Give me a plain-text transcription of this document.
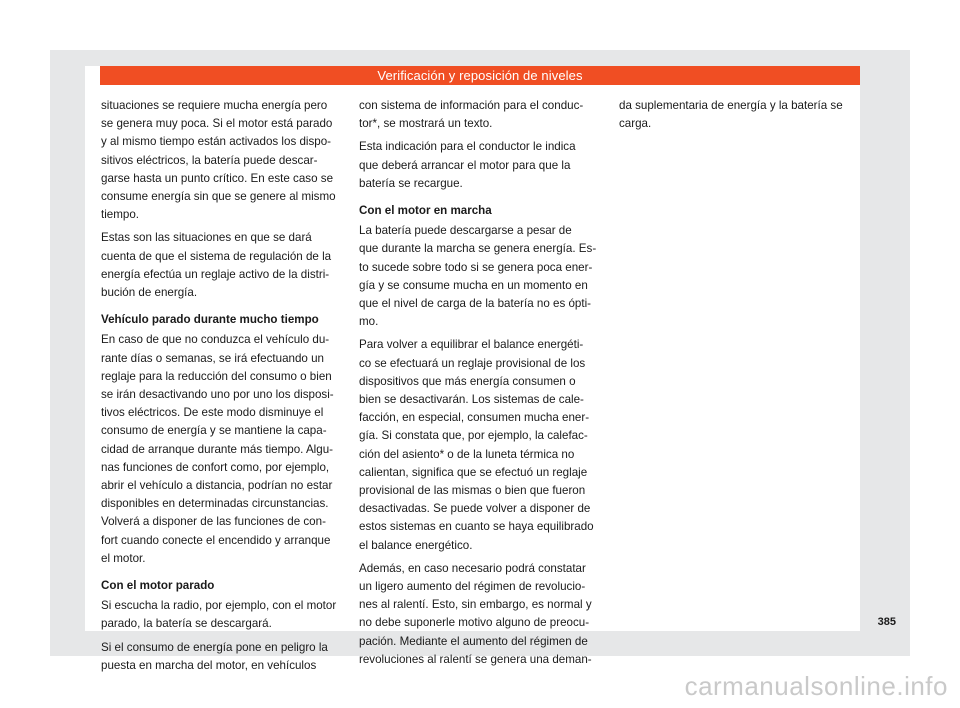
Verificación y reposición de niveles

situaciones se requiere mucha energía pero
se genera muy poca. Si el motor está parado
y al mismo tiempo están activados los dispo-
sitivos eléctricos, la batería puede descar-
garse hasta un punto crítico. En este caso se
consume energía sin que se genere al mismo
tiempo.

Estas son las situaciones en que se dará
cuenta de que el sistema de regulación de la
energía efectúa un reglaje activo de la distri-
bución de energía.

Vehículo parado durante mucho tiempo

En caso de que no conduzca el vehículo du-
rante días o semanas, se irá efectuando un
reglaje para la reducción del consumo o bien
se irán desactivando uno por uno los disposi-
tivos eléctricos. De este modo disminuye el
consumo de energía y se mantiene la capa-
cidad de arranque durante más tiempo. Algu-
nas funciones de confort como, por ejemplo,
abrir el vehículo a distancia, podrían no estar
disponibles en determinadas circunstancias.
Volverá a disponer de las funciones de con-
fort cuando conecte el encendido y arranque
el motor.

Con el motor parado

Si escucha la radio, por ejemplo, con el motor
parado, la batería se descargará.

Si el consumo de energía pone en peligro la
puesta en marcha del motor, en vehículos

con sistema de información para el conduc-
tor*, se mostrará un texto.

Esta indicación para el conductor le indica
que deberá arrancar el motor para que la
batería se recargue.

Con el motor en marcha

La batería puede descargarse a pesar de
que durante la marcha se genera energía. Es-
to sucede sobre todo si se genera poca ener-
gía y se consume mucha en un momento en
que el nivel de carga de la batería no es ópti-
mo.

Para volver a equilibrar el balance energéti-
co se efectuará un reglaje provisional de los
dispositivos que más energía consumen o
bien se desactivarán. Los sistemas de cale-
facción, en especial, consumen mucha ener-
gía. Si constata que, por ejemplo, la calefac-
ción del asiento* o de la luneta térmica no
calientan, significa que se efectuó un reglaje
provisional de las mismas o bien que fueron
desactivadas. Se puede volver a disponer de
estos sistemas en cuanto se haya equilibrado
el balance energético.

Además, en caso necesario podrá constatar
un ligero aumento del régimen de revolucio-
nes al ralentí. Esto, sin embargo, es normal y
no debe suponerle motivo alguno de preocu-
pación. Mediante el aumento del régimen de
revoluciones al ralentí se genera una deman-

da suplementaria de energía y la batería se
carga.

385
carmanualsonline.info
